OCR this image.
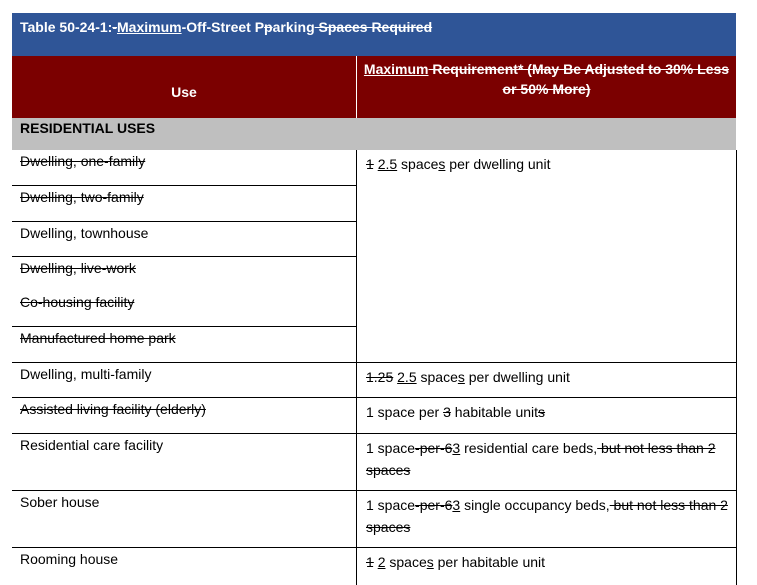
Table 50-24-1:-Maximum-Off-Street Pparking Spaces Required
Use
Maximum Requirement* (May Be Adjusted to 30% Less or 50% More)
RESIDENTIAL USES
Dwelling, one-family
Dwelling, two-family
Dwelling, townhouse
Dwelling, live-work
Co-housing facility
Manufactured home park
Dwelling, multi-family
Assisted living facility (elderly)
Residential care facility
Sober house
Rooming house
1 2.5 spaces per dwelling unit
1.25 2.5 spaces per dwelling unit
1 space per 3 habitable units
1 space-per-63 residential care beds, but not less than 2 spaces
1 space-per-63 single occupancy beds, but not less than 2 spaces
1 2 spaces per habitable unit
